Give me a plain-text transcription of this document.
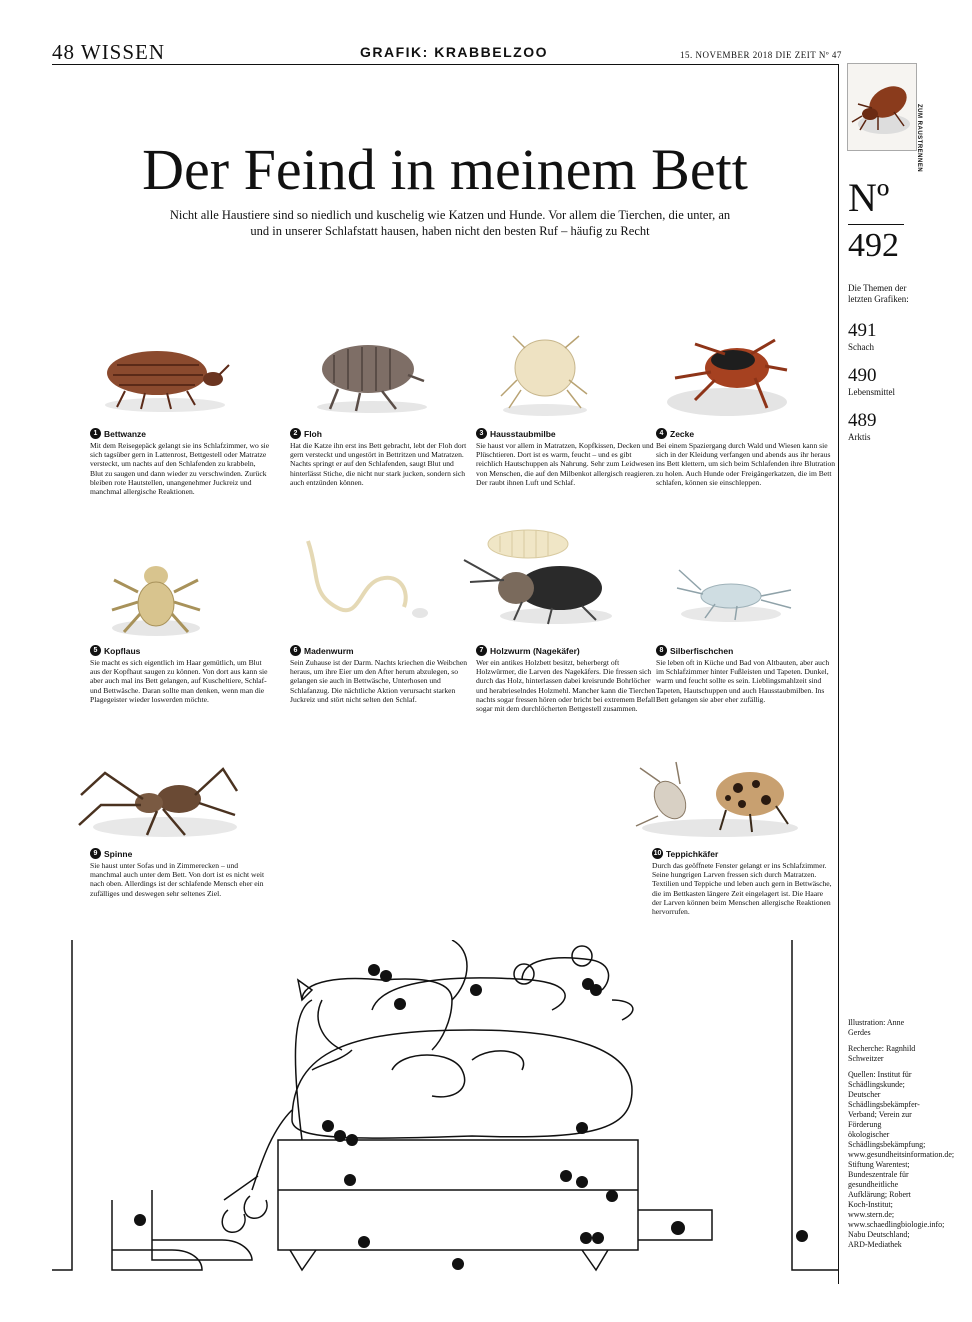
48 WISSEN	GRAFIK: KRABBELZOO	15. NOVEMBER 2018 DIE ZEIT Nº 47
ZUM RAUSTRENNEN
Nº
492
Die Themen der letzten Grafiken:
491
Schach
490
Lebensmittel
489
Arktis

Illustration: Anne Gerdes

Recherche: Ragnhild Schweitzer

Quellen: Institut für Schädlingskunde; Deutscher Schädlingsbekämpfer-Verband; Verein zur Förderung ökologischer Schädlingsbekämpfung; www.gesundheitsinformation.de; Stiftung Warentest; Bundeszentrale für gesundheitliche Aufklärung; Robert Koch-Institut; www.stern.de; www.schaedlingbiologie.info; Nabu Deutschland; ARD-Mediathek

Der Feind in meinem Bett
Nicht alle Haustiere sind so niedlich und kuschelig wie Katzen und Hunde. Vor allem die Tierchen, die unter, an und in unserer Schlafstatt hausen, haben nicht den besten Ruf – häufig zu Recht
1 Bettwanze
Mit dem Reisegepäck gelangt sie ins Schlafzimmer, wo sie sich tagsüber gern in Lattenrost, Bettgestell oder Matratze versteckt, um nachts auf den Schlafenden zu krabbeln, Blut zu saugen und dann wieder zu verschwinden. Zurück bleiben rote Hautstellen, unangenehmer Juckreiz und manchmal allergische Reaktionen.
2 Floh
Hat die Katze ihn erst ins Bett gebracht, lebt der Floh dort gern versteckt und ungestört in Bettritzen und Matratzen. Nachts springt er auf den Schlafenden, saugt Blut und hinterlässt Stiche, die nicht nur stark jucken, sondern sich auch entzünden können.
3 Hausstaubmilbe
Sie haust vor allem in Matratzen, Kopfkissen, Decken und Plüschtieren. Dort ist es warm, feucht – und es gibt reichlich Hautschuppen als Nahrung. Sehr zum Leidwesen von Menschen, die auf den Milbenkot allergisch reagieren. Der raubt ihnen Luft und Schlaf.
4 Zecke
Bei einem Spaziergang durch Wald und Wiesen kann sie sich in der Kleidung verfangen und abends aus ihr heraus ins Bett klettern, um sich beim Schlafenden ihre Blutration zu holen. Auch Hunde oder Freigängerkatzen, die im Bett schlafen, können sie einschleppen.
5 Kopflaus
Sie macht es sich eigentlich im Haar gemütlich, um Blut aus der Kopfhaut saugen zu können. Von dort aus kann sie aber auch mal ins Bett gelangen, auf Kuscheltiere, Schlaf- und Bettwäsche. Daran sollte man denken, wenn man die Plagegeister wieder loswerden möchte.
6 Madenwurm
Sein Zuhause ist der Darm. Nachts kriechen die Weibchen heraus, um ihre Eier um den After herum abzulegen, so gelangen sie auch in Bettwäsche, Unterhosen und Schlafanzug. Die nächtliche Aktion verursacht starken Juckreiz und stört nicht selten den Schlaf.
7 Holzwurm (Nagekäfer)
Wer ein antikes Holzbett besitzt, beherbergt oft Holzwürmer, die Larven des Nagekäfers. Die fressen sich durch das Holz, hinterlassen dabei kreisrunde Bohrlöcher und herabrieselndes Holzmehl. Mancher kann die Tierchen nachts sogar fressen hören oder bricht bei extremem Befall sogar mit dem durchlöcherten Bettgestell zusammen.
8 Silberfischchen
Sie leben oft in Küche und Bad von Altbauten, aber auch im Schlafzimmer hinter Fußleisten und Tapeten. Dunkel, warm und feucht sollte es sein. Lieblingsmahlzeit sind Tapeten, Hautschuppen und auch Hausstaubmilben. Ins Bett gelangen sie aber eher zufällig.
9 Spinne
Sie haust unter Sofas und in Zimmerecken – und manchmal auch unter dem Bett. Von dort ist es nicht weit nach oben. Allerdings ist der schlafende Mensch eher ein zufälliges und deswegen sehr seltenes Ziel.
10 Teppichkäfer
Durch das geöffnete Fenster gelangt er ins Schlafzimmer. Seine hungrigen Larven fressen sich durch Matratzen. Textilien und Teppiche und leben auch gern in Bettwäsche, die im Bettkasten längere Zeit eingelagert ist. Die Haare der Larven können beim Menschen allergische Reaktionen hervorrufen.
